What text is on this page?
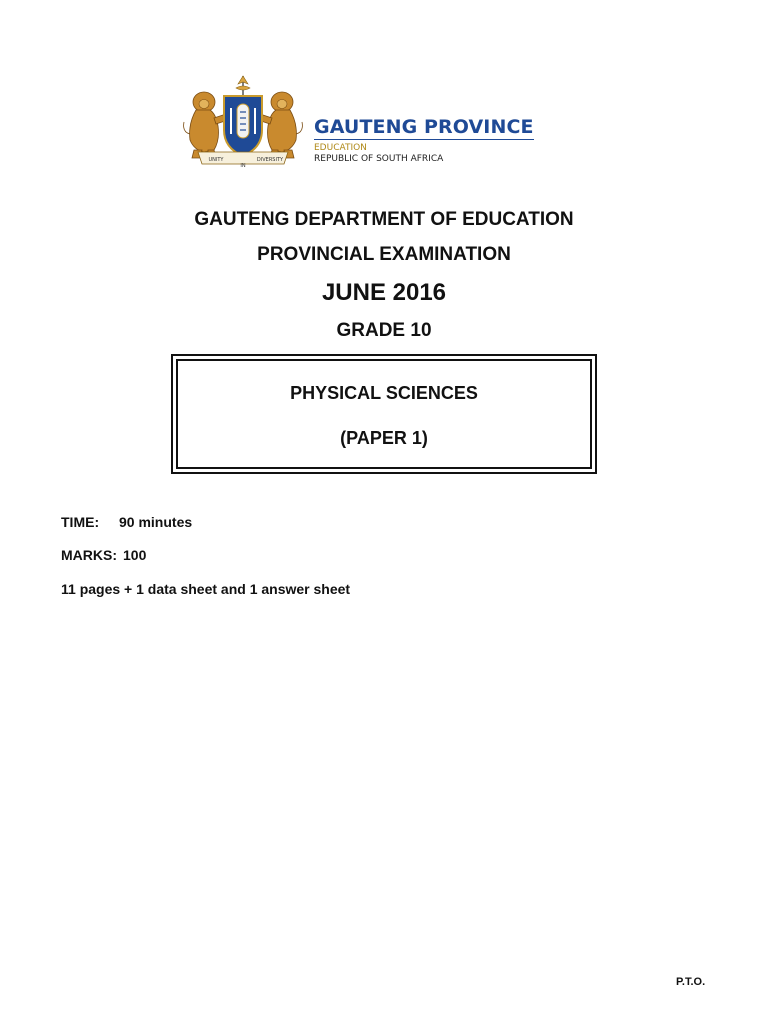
UNITY
IN
DIVERSITY
GAUTENG PROVINCE
EDUCATION
REPUBLIC OF SOUTH AFRICA
GAUTENG DEPARTMENT OF EDUCATION
PROVINCIAL EXAMINATION
JUNE 2016
GRADE 10
PHYSICAL SCIENCES
(PAPER 1)
TIME: 90 minutes
MARKS: 100
11 pages + 1 data sheet and 1 answer sheet
P.T.O.
